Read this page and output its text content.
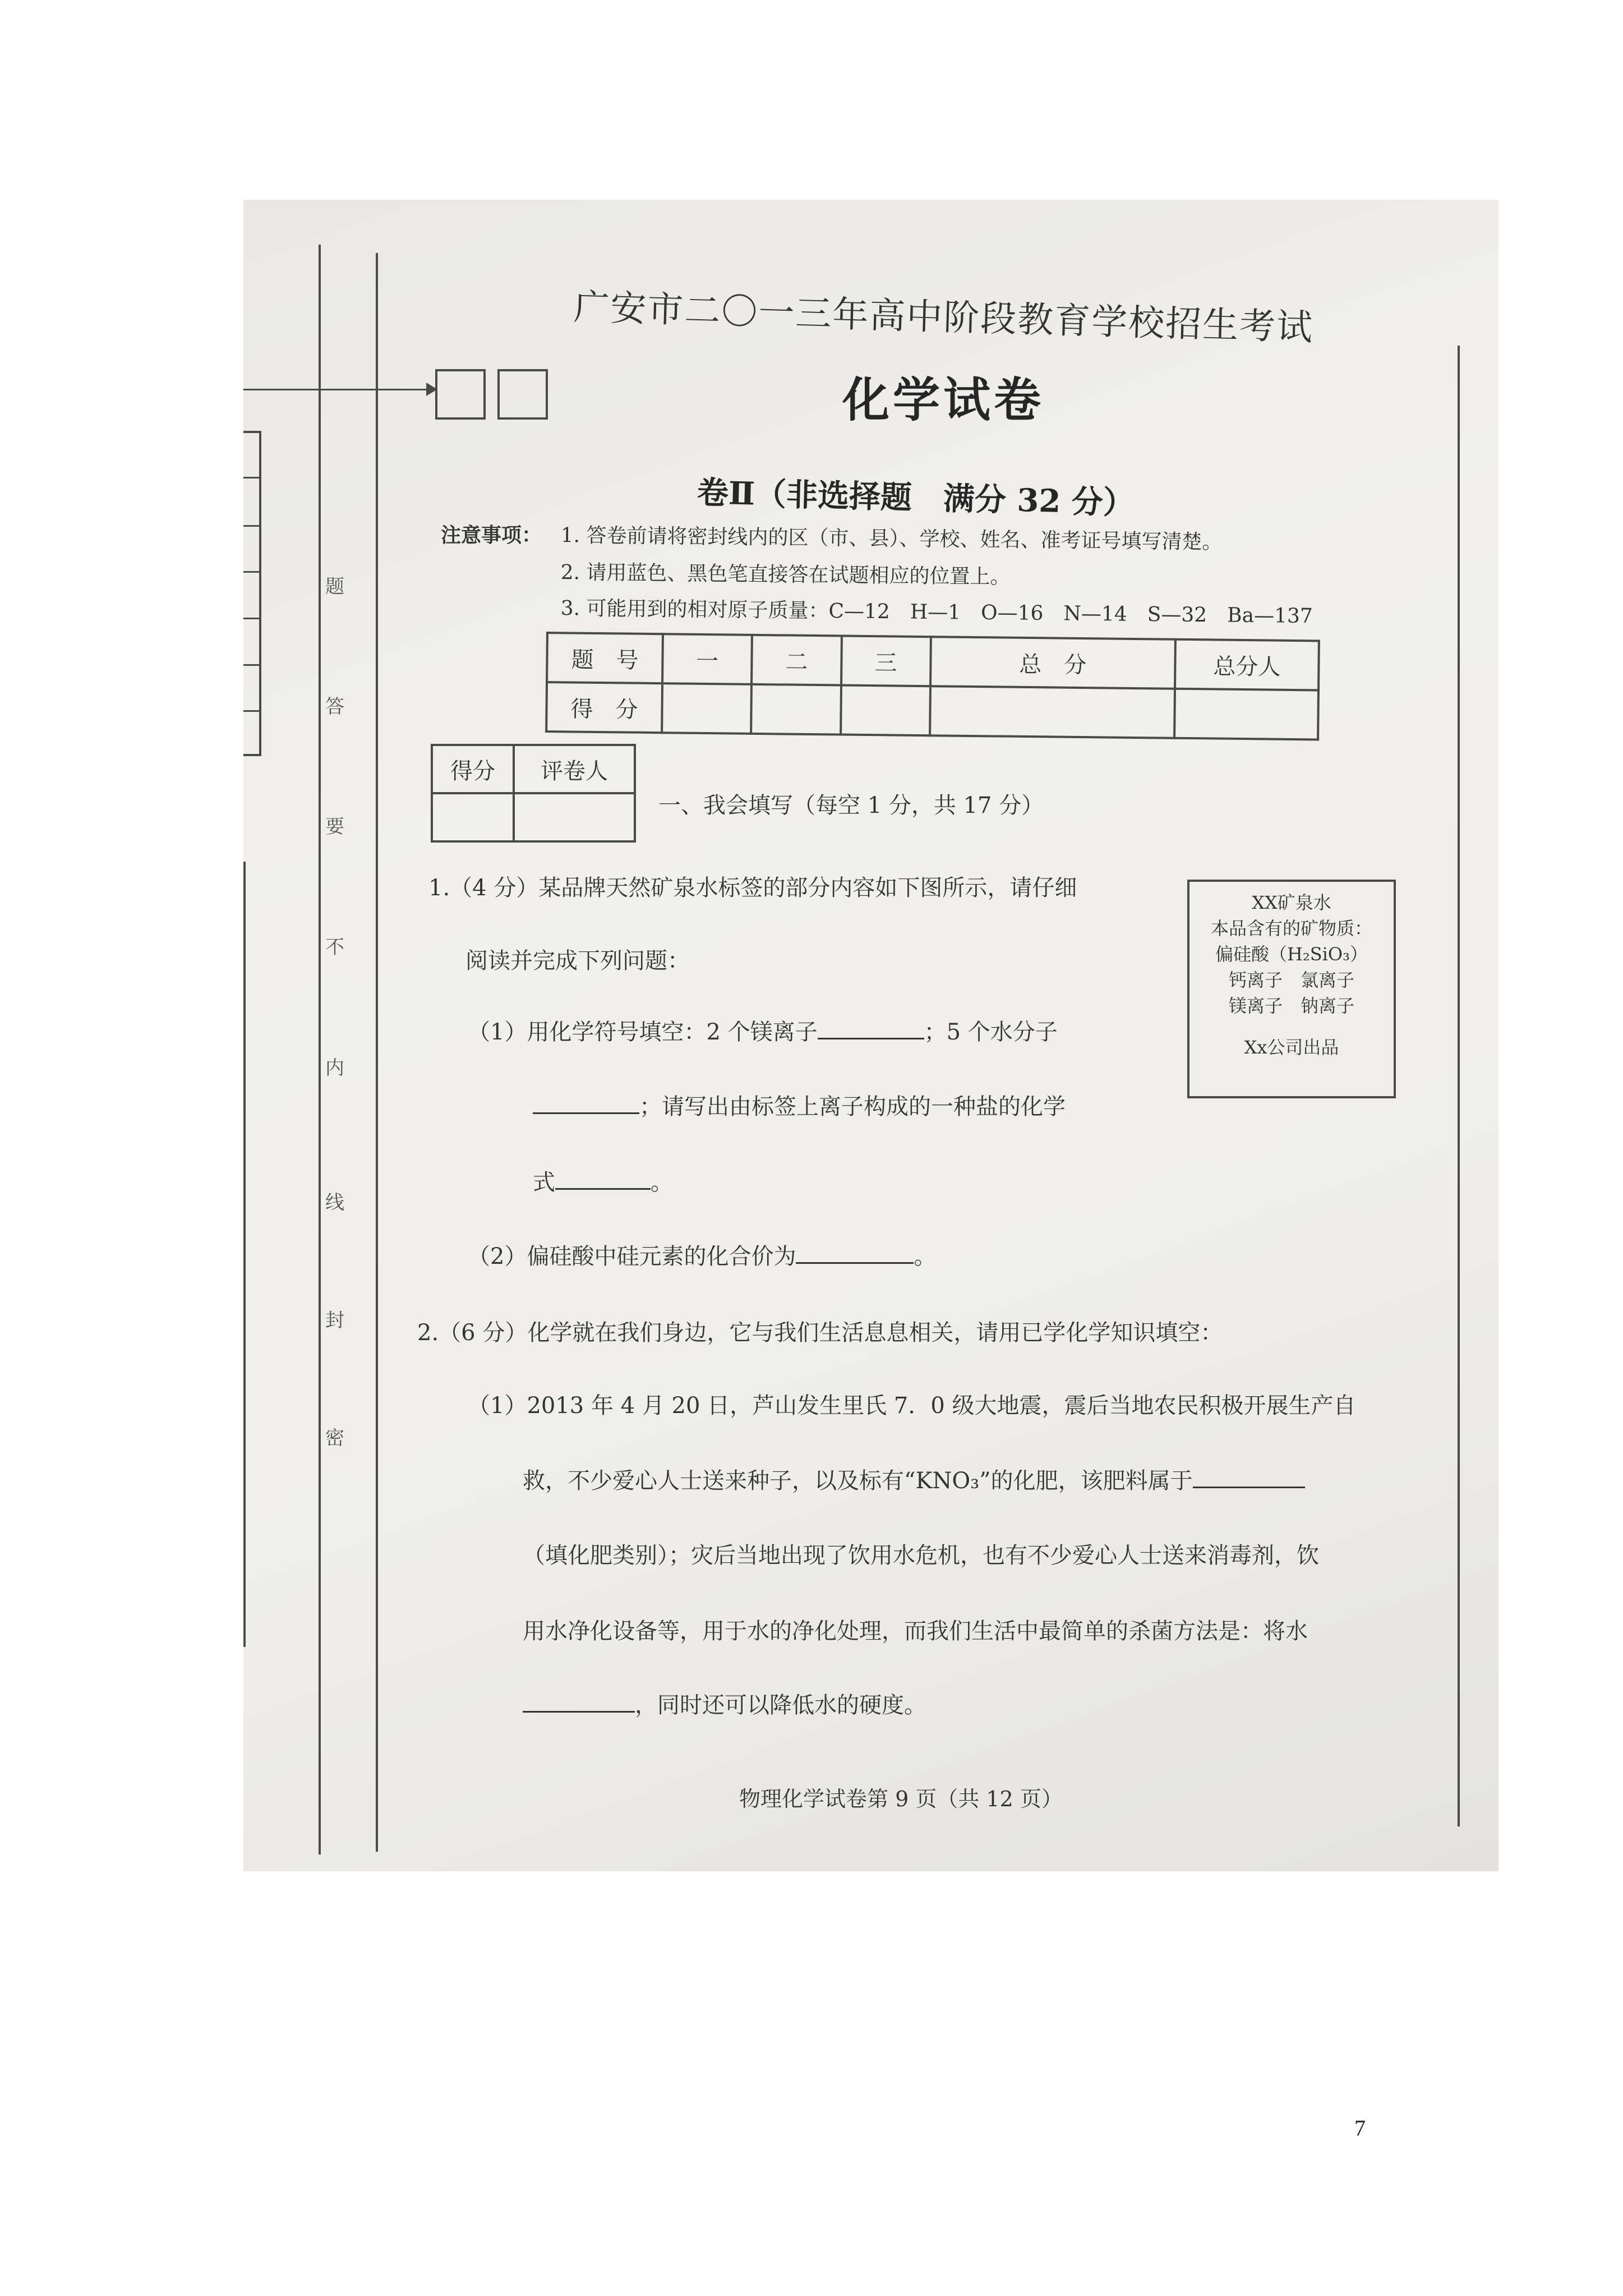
题
答
要
不
内
线
封
密
广安市二〇一三年高中阶段教育学校招生考试
化学试卷
卷Ⅱ（非选择题　满分 32 分）
注意事项： 1. 答卷前请将密封线内的区（市、县）、学校、姓名、准考证号填写清楚。
2. 请用蓝色、黑色笔直接答在试题相应的位置上。
3. 可能用到的相对原子质量：C—12　H—1　O—16　N—14　S—32　Ba—137
题　号	一	二	三	总　分	总分人
得　分					
得分	评卷人

一、我会填写（每空 1 分，共 17 分）
1.（4 分）某品牌天然矿泉水标签的部分内容如下图所示，请仔细
阅读并完成下列问题：
（1）用化学符号填空：2 个镁离子	；5 个水分子
；请写出由标签上离子构成的一种盐的化学
式	。
（2）偏硅酸中硅元素的化合价为	。
XX矿泉水
本品含有的矿物质：
偏硅酸（H₂SiO₃）
钙离子　氯离子
镁离子　钠离子
Xx公司出品
2.（6 分）化学就在我们身边，它与我们生活息息相关，请用已学化学知识填空：
（1）2013 年 4 月 20 日，芦山发生里氏 7．0 级大地震，震后当地农民积极开展生产自
救，不少爱心人士送来种子，以及标有“KNO₃”的化肥，该肥料属于
（填化肥类别）；灾后当地出现了饮用水危机，也有不少爱心人士送来消毒剂，饮
用水净化设备等，用于水的净化处理，而我们生活中最简单的杀菌方法是：将水
，同时还可以降低水的硬度。
物理化学试卷第 9 页（共 12 页）
7
